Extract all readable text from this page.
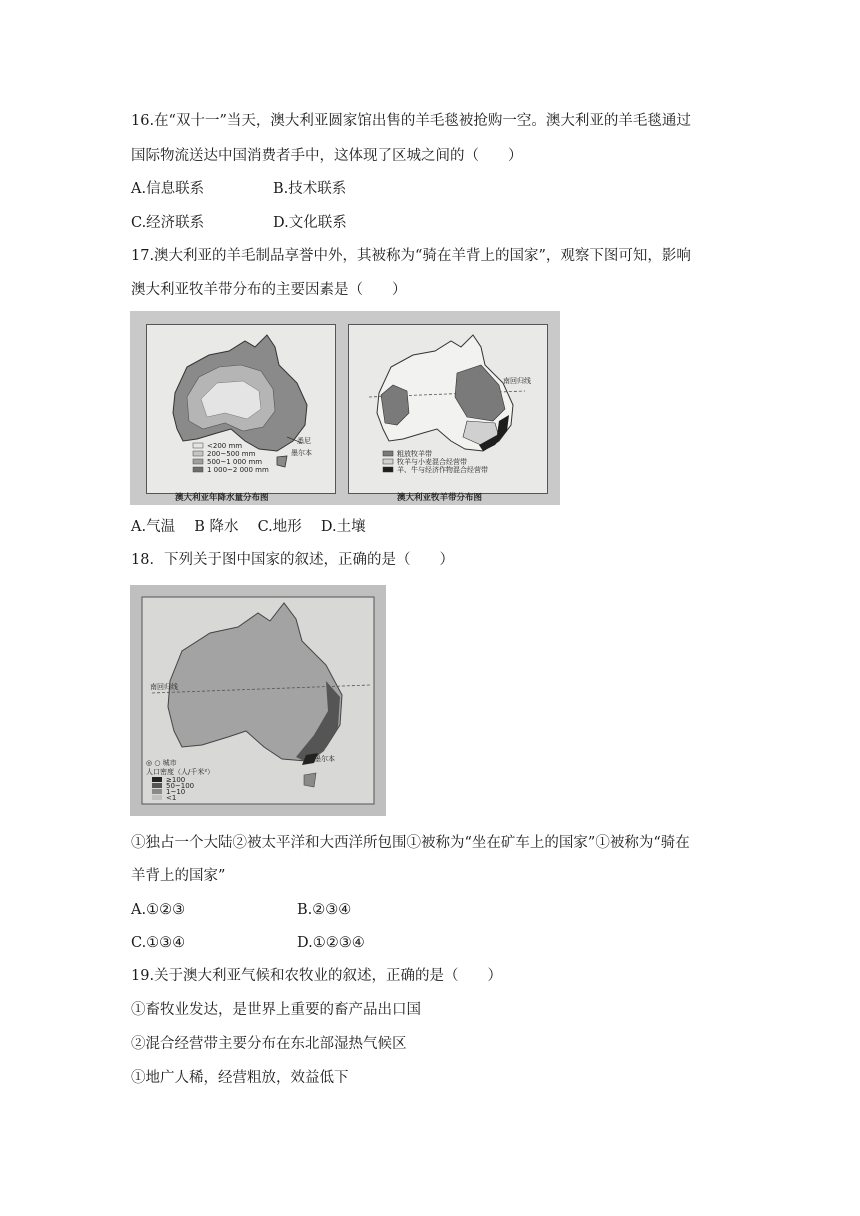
16.在“双十一”当天，澳大利亚圆家馆出售的羊毛毯被抢购一空。澳大利亚的羊毛毯通过
国际物流送达中国消费者手中，这体现了区城之间的（　　）
A.信息联系	B.技术联系
C.经济联系	D.文化联系
17.澳大利亚的羊毛制品享誉中外，其被称为“骑在羊背上的国家”，观察下图可知，影响
澳大利亚牧羊带分布的主要因素是（　　）
悉尼
墨尔本
<200 mm
200~500 mm
500~1 000 mm
1 000~2 000 mm
澳大利亚年降水量分布图
南回归线
粗放牧羊带
牧羊与小麦混合经营带
羊、牛与经济作物混合经营带
澳大利亚牧羊带分布图
A.气温　 B 降水　 C.地形　 D.土壤
18．下列关于图中国家的叙述，正确的是（　　）
南回归线
墨尔本
◎ ○ 城市
人口密度（人/千米²）
≥100
50~100
1~10
<1
①独占一个大陆②被太平洋和大西洋所包围①被称为“坐在矿车上的国家”①被称为“骑在
羊背上的国家”
A.①②③	B.②③④
C.①③④	D.①②③④
19.关于澳大利亚气候和农牧业的叙述，正确的是（　　）
①畜牧业发达，是世界上重要的畜产品出口国
②混合经营带主要分布在东北部湿热气候区
①地广人稀，经营粗放，效益低下
